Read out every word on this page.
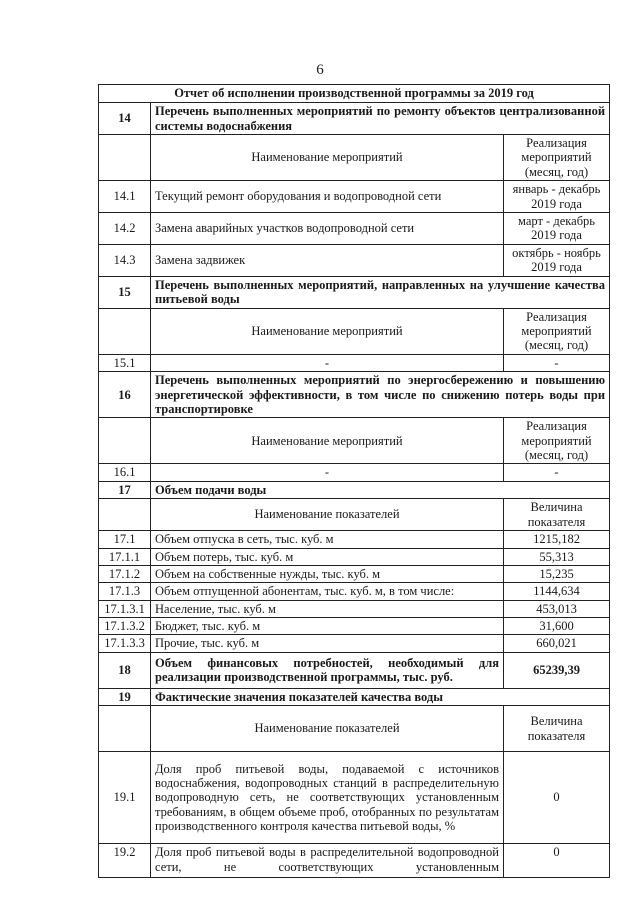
6
Отчет об исполнении производственной программы за 2019 год		
14	Перечень выполненных мероприятий по ремонту объектов централизованной системы водоснабжения	
	Наименование мероприятий	Реализация мероприятий (месяц, год)
14.1	Текущий ремонт оборудования и водопроводной сети	январь - декабрь 2019 года
14.2	Замена аварийных участков водопроводной сети	март - декабрь 2019 года
14.3	Замена задвижек	октябрь - ноябрь 2019 года
15	Перечень выполненных мероприятий, направленных на улучшение качества питьевой воды	
	Наименование мероприятий	Реализация мероприятий (месяц, год)
15.1	-	-
16	Перечень выполненных мероприятий по энергосбережению и повышению энергетической эффективности, в том числе по снижению потерь воды при транспортировке	
	Наименование мероприятий	Реализация мероприятий (месяц, год)
16.1	-	-
17	Объем подачи воды	
	Наименование показателей	Величина показателя
17.1	Объем отпуска в сеть, тыс. куб. м	1215,182
17.1.1	Объем потерь, тыс. куб. м	55,313
17.1.2	Объем на собственные нужды, тыс. куб. м	15,235
17.1.3	Объем отпущенной абонентам, тыс. куб. м, в том числе:	1144,634
17.1.3.1	Население, тыс. куб. м	453,013
17.1.3.2	Бюджет, тыс. куб. м	31,600
17.1.3.3	Прочие, тыс. куб. м	660,021
18	Объем финансовых потребностей, необходимый для реализации производственной программы, тыс. руб.	65239,39
19	Фактические значения показателей качества воды	
	Наименование показателей	Величина показателя
19.1	Доля проб питьевой воды, подаваемой с источников водоснабжения, водопроводных станций в распределительную водопроводную сеть, не соответствующих установленным требованиям, в общем объеме проб, отобранных по результатам производственного контроля качества питьевой воды, %	0
19.2	Доля проб питьевой воды в распределительной водопроводной сети, не соответствующих установленным	0
